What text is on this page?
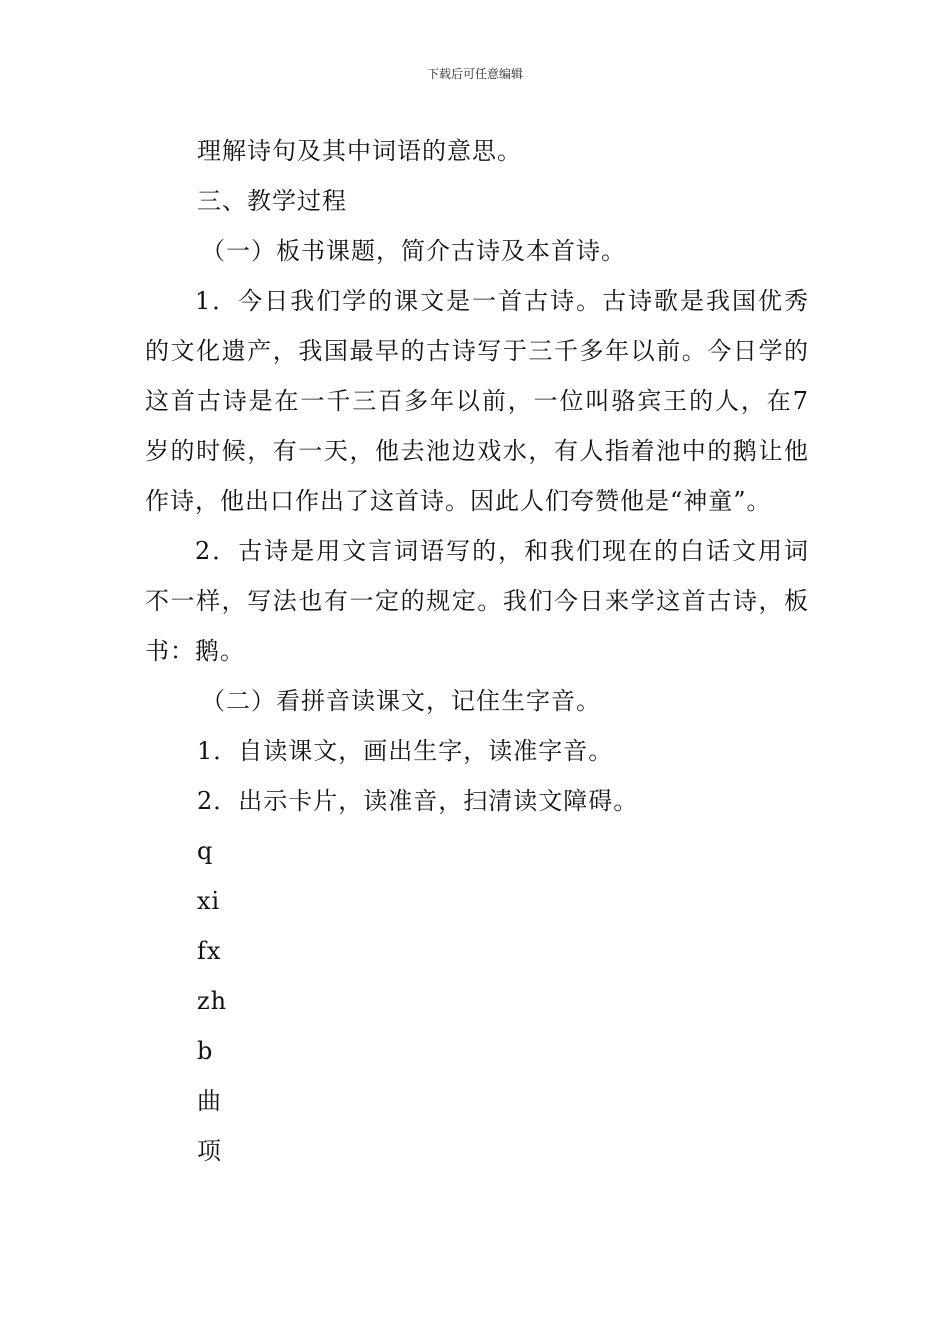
下载后可任意编辑

理解诗句及其中词语的意思。

三、教学过程

（一）板书课题，简介古诗及本首诗。

1．今日我们学的课文是一首古诗。古诗歌是我国优秀的文化遗产，我国最早的古诗写于三千多年以前。今日学的这首古诗是在一千三百多年以前，一位叫骆宾王的人，在7岁的时候，有一天，他去池边戏水，有人指着池中的鹅让他作诗，他出口作出了这首诗。因此人们夸赞他是“神童”。

2．古诗是用文言词语写的，和我们现在的白话文用词不一样，写法也有一定的规定。我们今日来学这首古诗，板书：鹅。

（二）看拼音读课文，记住生字音。

1．自读课文，画出生字，读准字音。

2．出示卡片，读准音，扫清读文障碍。

q

xi

fx

zh

b

曲

项
